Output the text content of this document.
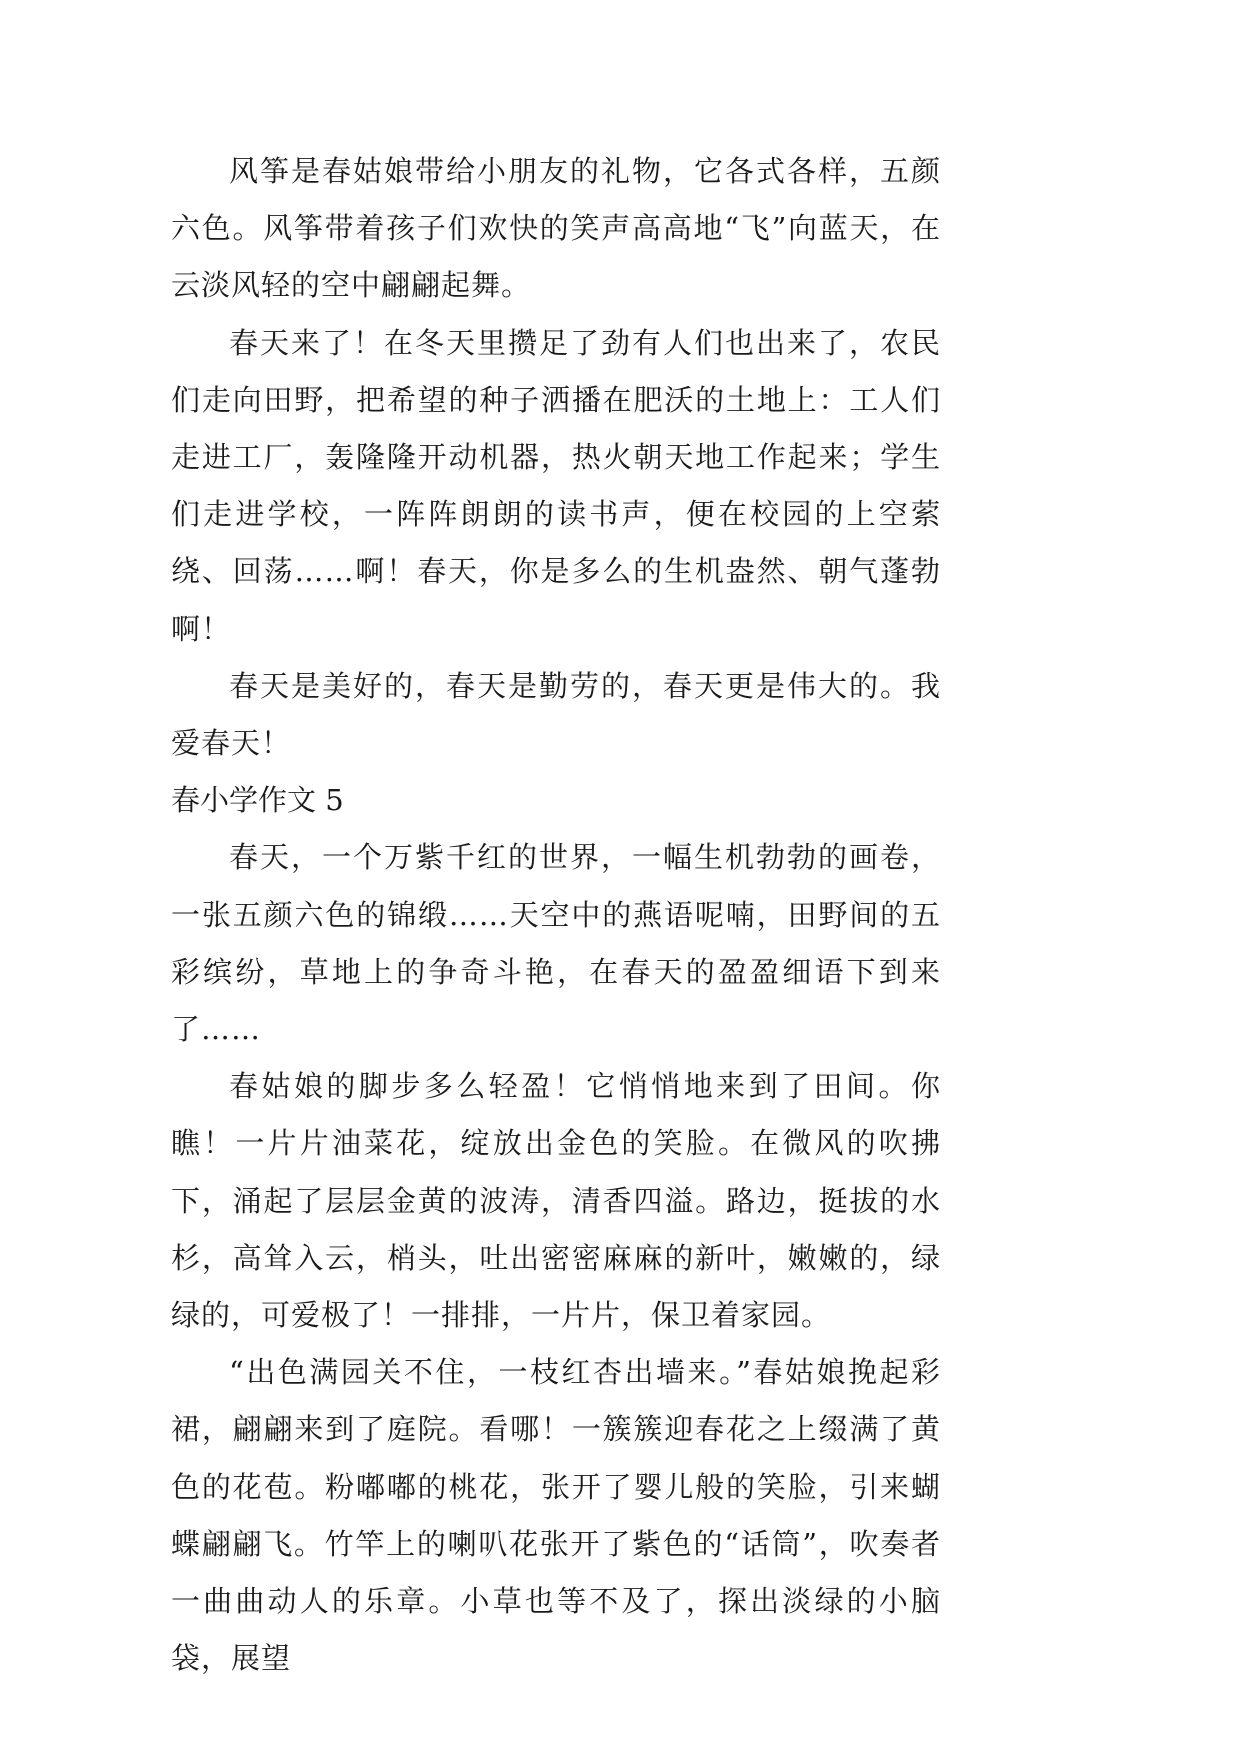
风筝是春姑娘带给小朋友的礼物，它各式各样，五颜六色。风筝带着孩子们欢快的笑声高高地“飞”向蓝天，在云淡风轻的空中翩翩起舞。

春天来了！在冬天里攒足了劲有人们也出来了，农民们走向田野，把希望的种子洒播在肥沃的土地上：工人们走进工厂，轰隆隆开动机器，热火朝天地工作起来；学生们走进学校，一阵阵朗朗的读书声，便在校园的上空萦绕、回荡……啊！春天，你是多么的生机盎然、朝气蓬勃啊！

春天是美好的，春天是勤劳的，春天更是伟大的。我爱春天！

春小学作文 5

春天，一个万紫千红的世界，一幅生机勃勃的画卷，一张五颜六色的锦缎……天空中的燕语呢喃，田野间的五彩缤纷，草地上的争奇斗艳，在春天的盈盈细语下到来了……

春姑娘的脚步多么轻盈！它悄悄地来到了田间。你瞧！一片片油菜花，绽放出金色的笑脸。在微风的吹拂下，涌起了层层金黄的波涛，清香四溢。路边，挺拔的水杉，高耸入云，梢头，吐出密密麻麻的新叶，嫩嫩的，绿绿的，可爱极了！一排排，一片片，保卫着家园。

“出色满园关不住，一枝红杏出墙来。”春姑娘挽起彩裙，翩翩来到了庭院。看哪！一簇簇迎春花之上缀满了黄色的花苞。粉嘟嘟的桃花，张开了婴儿般的笑脸，引来蝴蝶翩翩飞。竹竿上的喇叭花张开了紫色的“话筒”，吹奏者一曲曲动人的乐章。小草也等不及了，探出淡绿的小脑袋，展望
